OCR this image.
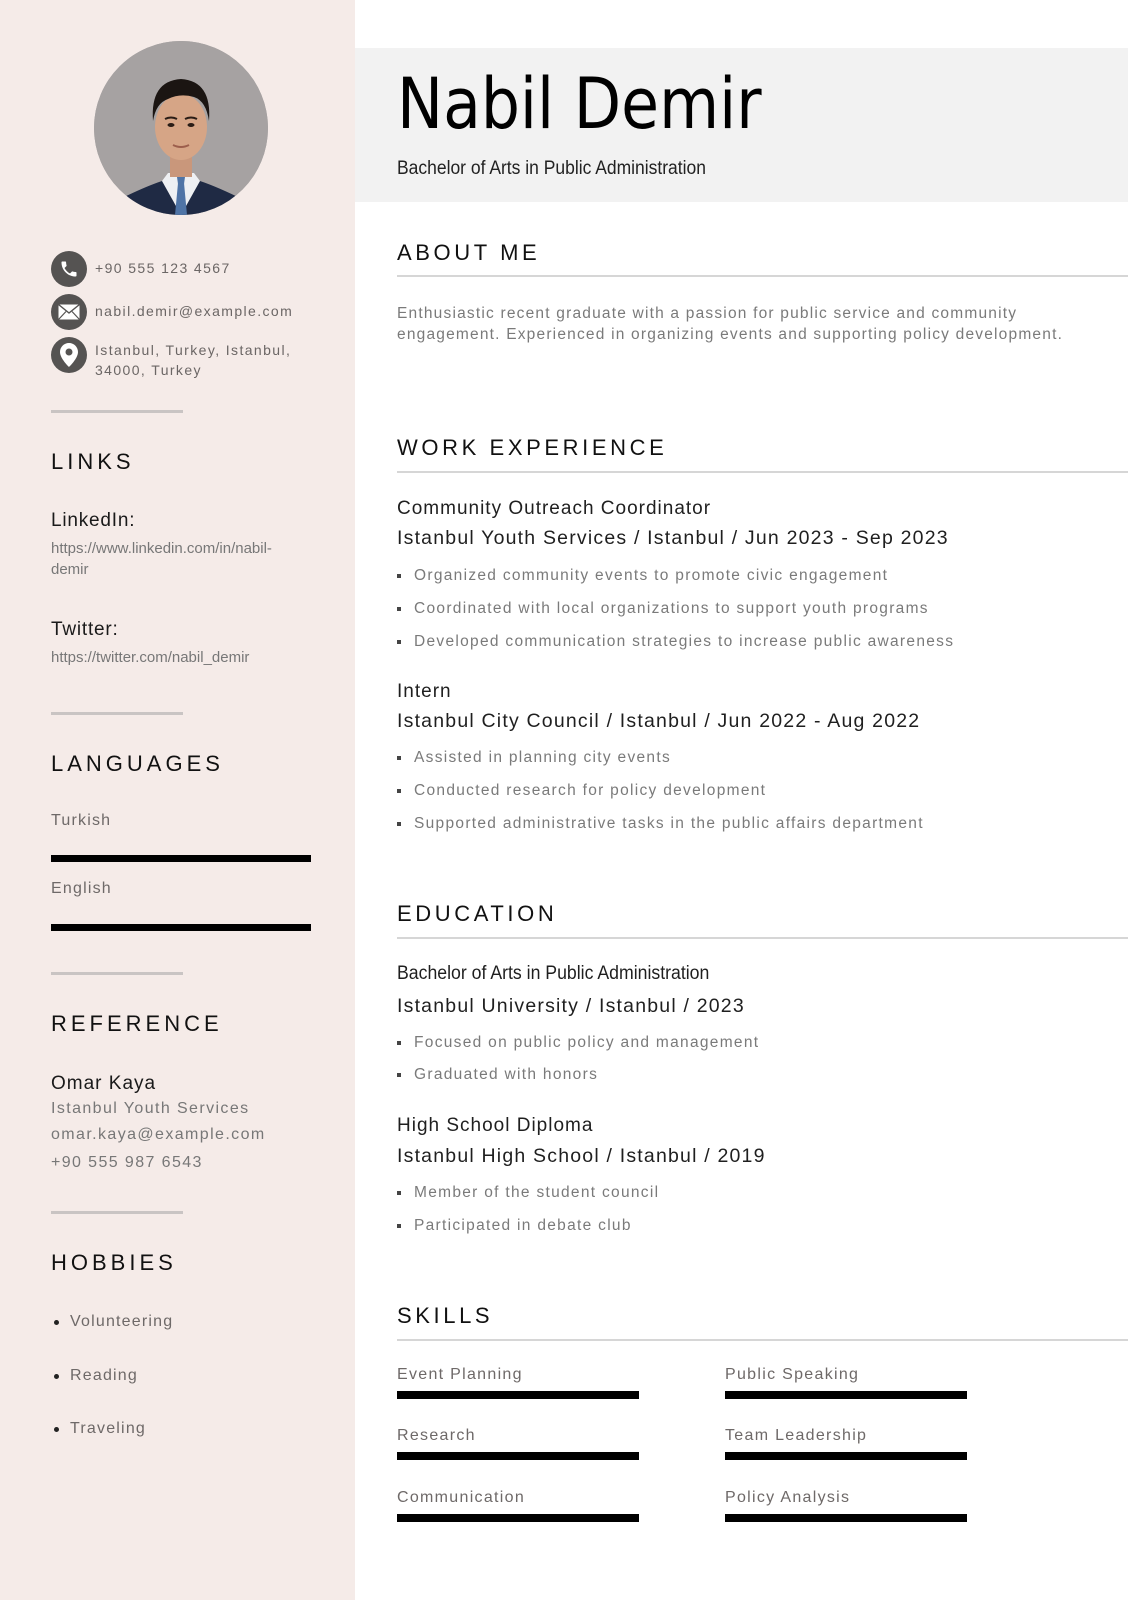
+90 555 123 4567
nabil.demir@example.com
Istanbul, Turkey, Istanbul,
34000, Turkey
LINKS
LinkedIn:
https://www.linkedin.com/in/nabil-
demir
Twitter:
https://twitter.com/nabil_demir
LANGUAGES
Turkish
English
REFERENCE
Omar Kaya
Istanbul Youth Services
omar.kaya@example.com
+90 555 987 6543
HOBBIES
Volunteering
Reading
Traveling
Nabil Demir
Bachelor of Arts in Public Administration
ABOUT ME

Enthusiastic recent graduate with a passion for public service and community engagement. Experienced in organizing events and supporting policy development.

WORK EXPERIENCE
Community Outreach Coordinator
Istanbul Youth Services / Istanbul / Jun 2023 - Sep 2023
Organized community events to promote civic engagement
Coordinated with local organizations to support youth programs
Developed communication strategies to increase public awareness
Intern
Istanbul City Council / Istanbul / Jun 2022 - Aug 2022
Assisted in planning city events
Conducted research for policy development
Supported administrative tasks in the public affairs department
EDUCATION
Bachelor of Arts in Public Administration
Istanbul University / Istanbul / 2023
Focused on public policy and management
Graduated with honors
High School Diploma
Istanbul High School / Istanbul / 2019
Member of the student council
Participated in debate club
SKILLS
Event Planning	Public Speaking
Research	Team Leadership
Communication	Policy Analysis
